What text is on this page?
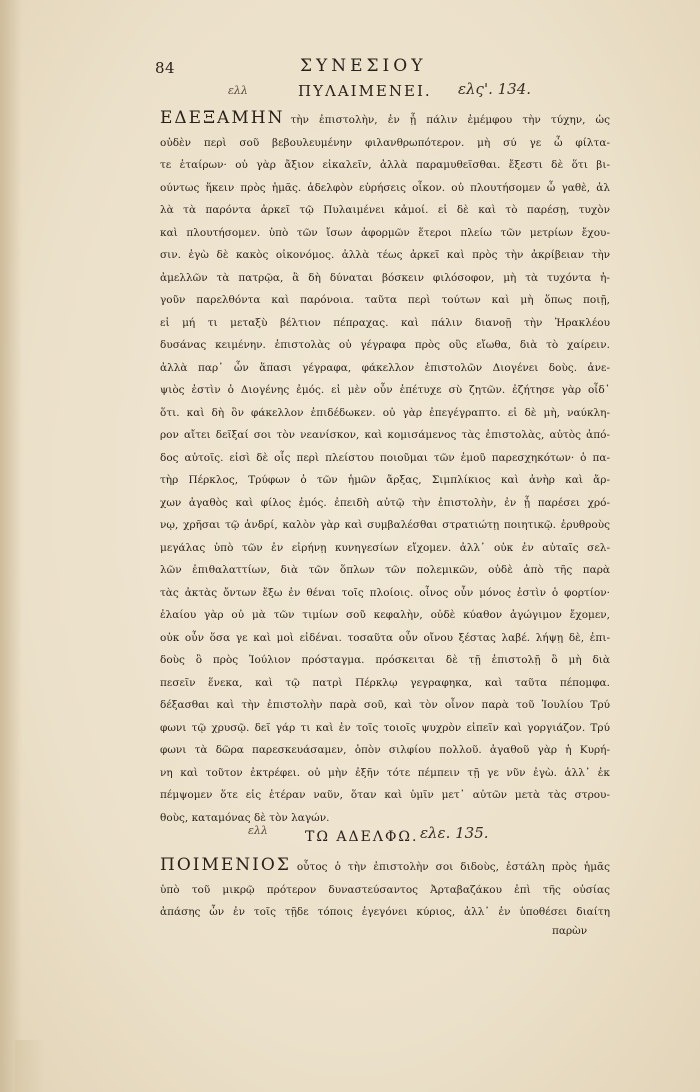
84	ΣΥΝΕΣΙΟΥ
ελλ	ΠΥΛΑΙΜΕΝΕΙ. ελς'. 134.
ΕΔΕΞΑΜΗΝ τὴν ἐπιστολὴν, ἐν ᾗ πάλιν ἐμέμφου τὴν τύχην, ὡς
οὐδὲν περὶ σοῦ βεβουλευμένην φιλανθρωπότερον. μὴ σύ γε ὦ φίλτα-
τε ἑταίρων· οὐ γὰρ ἄξιον εἰκαλεῖν, ἀλλὰ παραμυθεῖσθαι. ἔξεστι δὲ ὅτι βι-
ούντως ἥκειν πρὸς ἡμᾶς. ἀδελφὸν εὑρήσεις οἶκον. οὐ πλουτήσομεν ὦ γαθὲ, ἀλ
λὰ τὰ παρόντα ἀρκεῖ τῷ Πυλαιμένει κἀμοί. εἰ δὲ καὶ τὸ παρέσῃ, τυχὸν
καὶ πλουτήσομεν. ὑπὸ τῶν ἴσων ἀφορμῶν ἕτεροι πλείω τῶν μετρίων ἔχου-
σιν. ἐγὼ δὲ κακὸς οἰκονόμος. ἀλλὰ τέως ἀρκεῖ καὶ πρὸς τὴν ἀκρίβειαν τὴν
ἀμελλῶν τὰ πατρῷα, ἃ δὴ δύναται βόσκειν φιλόσοφον, μὴ τὰ τυχόντα ἠ-
γοῦν παρελθόντα καὶ παρόνοια. ταῦτα περὶ τούτων καὶ μὴ ὅπως ποιῇ,
εἰ μή τι μεταξὺ βέλτιον πέπραχας. καὶ πάλιν διανοῇ τὴν Ἡρακλέου
δυσάνας κειμένην. ἐπιστολὰς οὐ γέγραφα πρὸς οὓς εἴωθα, διὰ τὸ χαίρειν.
ἀλλὰ παρ᾽ ὧν ἅπασι γέγραφα, φάκελλον ἐπιστολῶν Διογένει δοὺς. ἀνε-
ψιὸς ἐστὶν ὁ Διογένης ἐμός. εἰ μὲν οὖν ἐπέτυχε σὺ ζητῶν. ἐζήτησε γὰρ οἶδ᾽
ὅτι. καὶ δὴ ὃν φάκελλον ἐπιδέδωκεν. οὐ γὰρ ἐπεγέγραπτο. εἰ δὲ μὴ, ναύκλη-
ρον αἴτει δεῖξαί σοι τὸν νεανίσκον, καὶ κομισάμενος τὰς ἐπιστολὰς, αὐτὸς ἀπό-
δος αὐτοῖς. εἰσὶ δὲ οἷς περὶ πλείστου ποιοῦμαι τῶν ἐμοῦ παρεσχηκότων· ὁ πα-
τὴρ Πέρκλος, Τρύφων ὁ τῶν ἡμῶν ἄρξας, Σιμπλίκιος καὶ ἀνὴρ καὶ ἄρ-
χων ἀγαθὸς καὶ φίλος ἐμός. ἐπειδὴ αὐτῷ τὴν ἐπιστολὴν, ἐν ᾗ παρέσει χρό-
νῳ, χρῆσαι τῷ ἀνδρί, καλὸν γὰρ καὶ συμβαλέσθαι στρατιώτῃ ποιητικῷ. ἐρυθροὺς
μεγάλας ὑπὸ τῶν ἐν εἰρήνῃ κυνηγεσίων εἴχομεν. ἀλλ᾽ οὐκ ἐν αὐταῖς σελ-
λῶν ἐπιθαλαττίων, διὰ τῶν ὅπλων τῶν πολεμικῶν, οὐδὲ ἀπὸ τῆς παρὰ
τὰς ἀκτὰς ὄντων ἔξω ἐν θέναι τοῖς πλοίοις. οἶνος οὖν μόνος ἐστὶν ὁ φορτίον·
ἐλαίου γὰρ οὐ μὰ τῶν τιμίων σοῦ κεφαλὴν, οὐδὲ κύαθον ἀγώγιμον ἔχομεν,
οὐκ οὖν ὅσα γε καὶ μοὶ εἰδέναι. τοσαῦτα οὖν οἴνου ξέστας λαβέ. λήψῃ δὲ, ἐπι-
δοὺς ὃ πρὸς Ἰούλιον πρόσταγμα. πρόσκειται δὲ τῇ ἐπιστολῇ ὃ μὴ διὰ
πεσεῖν ἕνεκα, καὶ τῷ πατρὶ Πέρκλῳ γεγραφηκα, καὶ ταῦτα πέπομφα.
δέξασθαι καὶ τὴν ἐπιστολὴν παρὰ σοῦ, καὶ τὸν οἶνον παρὰ τοῦ Ἰουλίου Τρύ
φωνι τῷ χρυσῷ. δεῖ γάρ τι καὶ ἐν τοῖς τοιοῖς ψυχρὸν εἰπεῖν καὶ γοργιάζον. Τρύ
φωνι τὰ δῶρα παρεσκευάσαμεν, ὁπὸν σιλφίου πολλοῦ. ἀγαθοῦ γὰρ ἡ Κυρή-
νη καὶ τοῦτον ἐκτρέφει. οὐ μὴν ἐξῆν τότε πέμπειν τῇ γε νῦν ἐγὼ. ἀλλ᾽ ἐκ
πέμψομεν ὅτε εἰς ἑτέραν ναῦν, ὅταν καὶ ὑμῖν μετ᾽ αὐτῶν μετὰ τὰς στρου-
θοὺς, καταμόνας δὲ τὸν λαγών.
ελλ	ΤΩ ΑΔΕΛΦΩ. ελε. 135.
ΠΟΙΜΕΝΙΟΣ οὗτος ὁ τὴν ἐπιστολὴν σοι διδοὺς, ἐστάλη πρὸς ἡμᾶς
ὑπὸ τοῦ μικρῷ πρότερον δυναστεύσαντος Ἀρταβαζάκου ἐπὶ τῆς οὐσίας
ἁπάσης ὧν ἐν τοῖς τῇδε τόποις ἐγεγόνει κύριος, ἀλλ᾽ ἐν ὑποθέσει διαίτη
παρὼν
